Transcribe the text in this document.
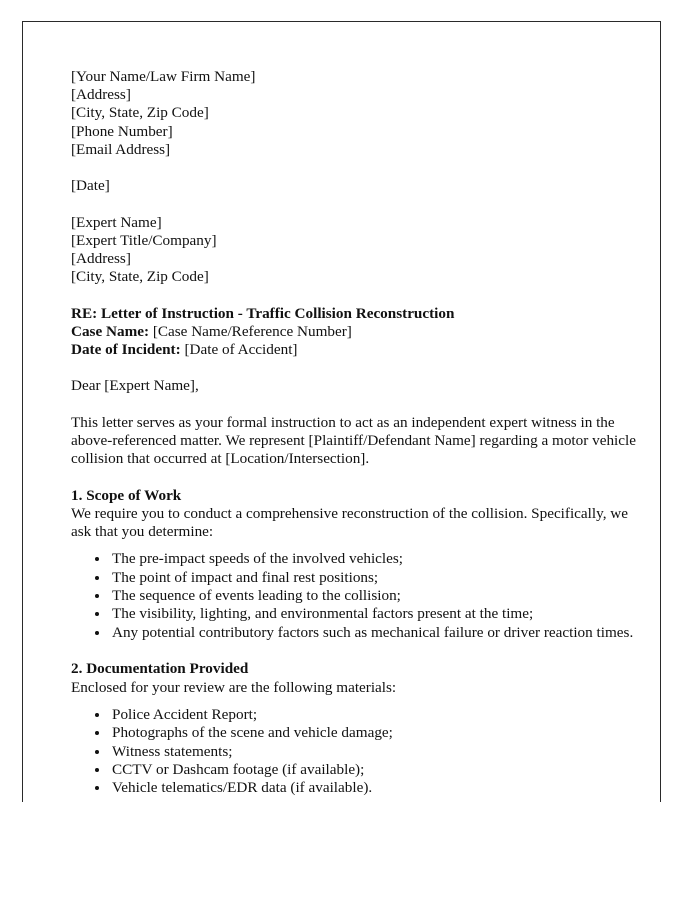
[Your Name/Law Firm Name]
[Address]
[City, State, Zip Code]
[Phone Number]
[Email Address]
[Date]
[Expert Name]
[Expert Title/Company]
[Address]
[City, State, Zip Code]
RE: Letter of Instruction - Traffic Collision Reconstruction
Case Name: [Case Name/Reference Number]
Date of Incident: [Date of Accident]

Dear [Expert Name],

This letter serves as your formal instruction to act as an independent expert witness in the above-referenced matter. We represent [Plaintiff/Defendant Name] regarding a motor vehicle collision that occurred at [Location/Intersection].

1. Scope of Work

We require you to conduct a comprehensive reconstruction of the collision. Specifically, we ask that you determine:

• The pre-impact speeds of the involved vehicles;
• The point of impact and final rest positions;
• The sequence of events leading to the collision;
• The visibility, lighting, and environmental factors present at the time;
• Any potential contributory factors such as mechanical failure or driver reaction times.
2. Documentation Provided

Enclosed for your review are the following materials:

• Police Accident Report;
• Photographs of the scene and vehicle damage;
• Witness statements;
• CCTV or Dashcam footage (if available);
• Vehicle telematics/EDR data (if available).
